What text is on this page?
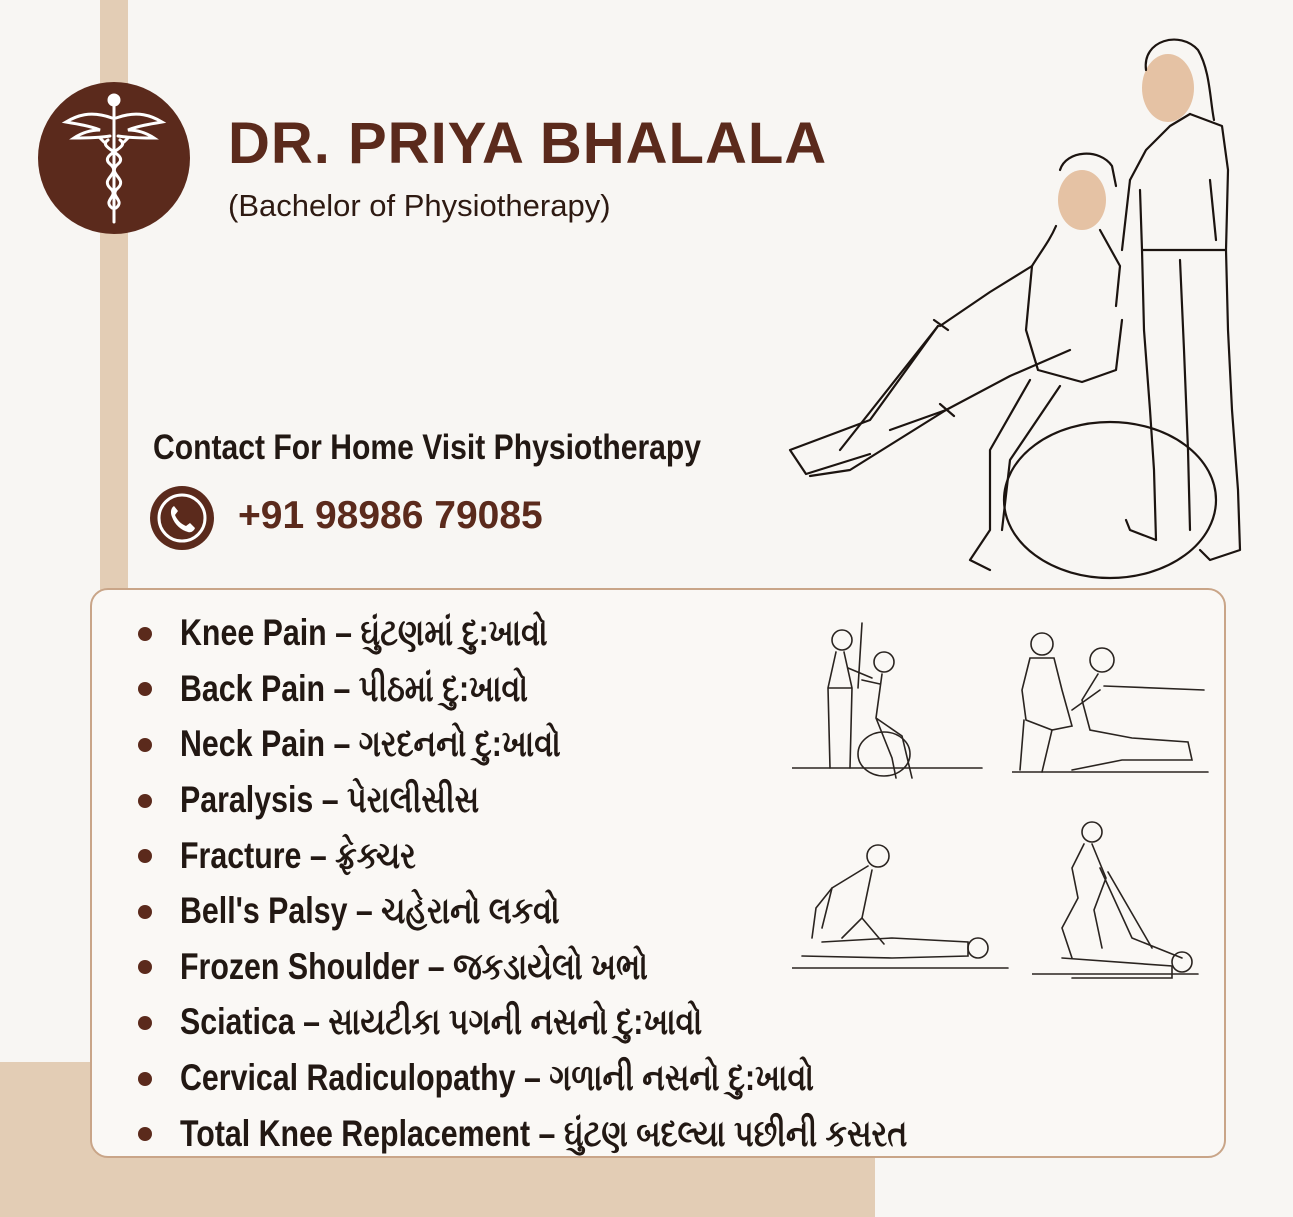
DR. PRIYA BHALALA
(Bachelor of Physiotherapy)
Contact For Home Visit Physiotherapy
+91 98986 79085
Knee Pain – ઘુંટણમાં દુ:ખાવો
Back Pain – પીઠમાં દુ:ખાવો
Neck Pain – ગરદનનો દુ:ખાવો
Paralysis – પેરાલીસીસ
Fracture – ફ્રેક્ચર
Bell's Palsy – ચહેરાનો લકવો
Frozen Shoulder – જકડાયેલો ખભો
Sciatica – સાયટીકા પગની નસનો દુ:ખાવો
Cervical Radiculopathy – ગળાની નસનો દુ:ખાવો
Total Knee Replacement – ઘુંટણ બદલ્યા પછીની કસરત
